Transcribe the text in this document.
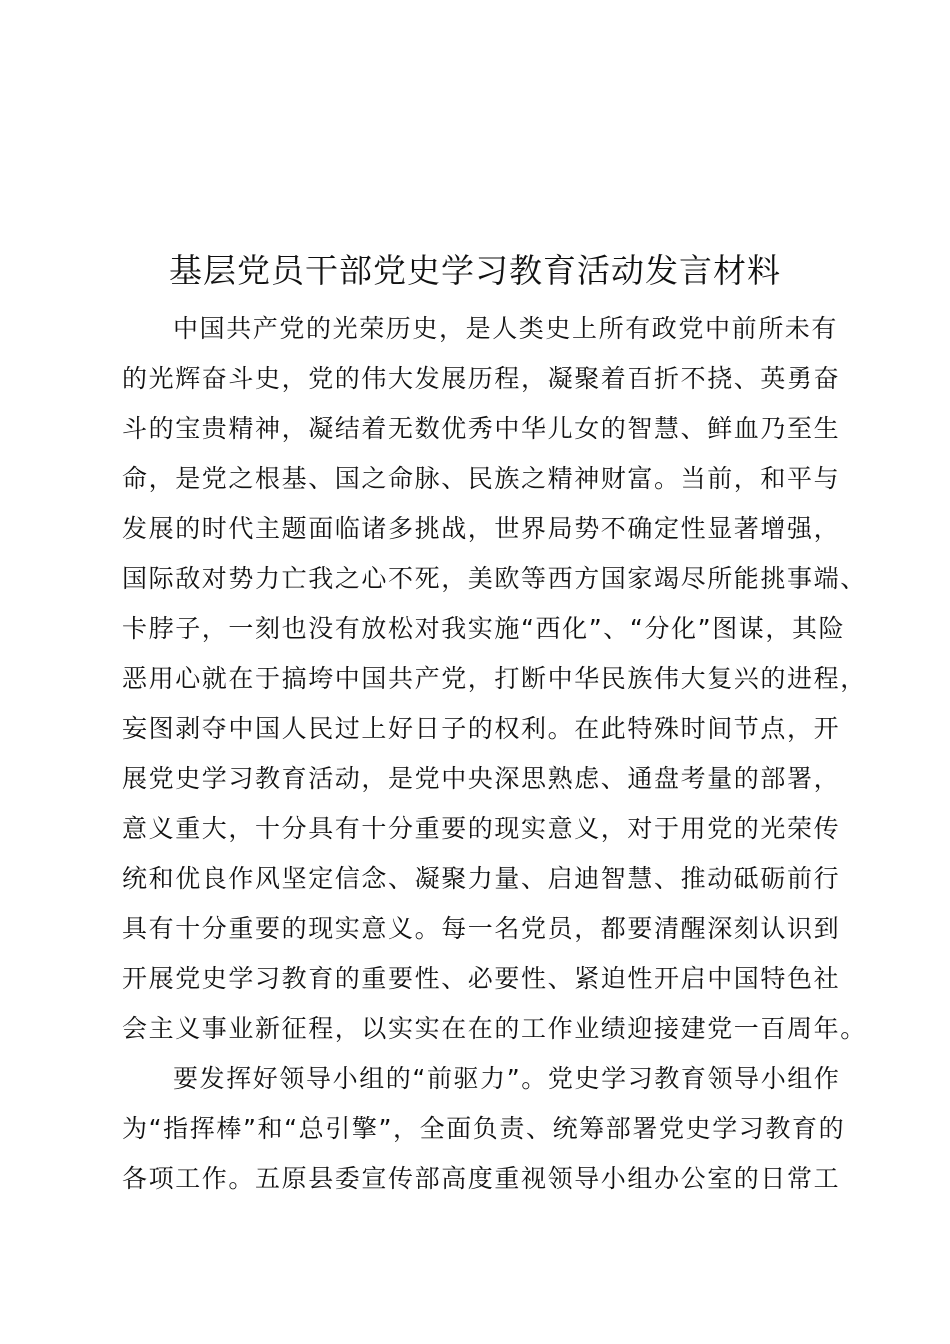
基层党员干部党史学习教育活动发言材料
中国共产党的光荣历史，是人类史上所有政党中前所未有
的光辉奋斗史，党的伟大发展历程，凝聚着百折不挠、英勇奋
斗的宝贵精神，凝结着无数优秀中华儿女的智慧、鲜血乃至生
命，是党之根基、国之命脉、民族之精神财富。当前，和平与
发展的时代主题面临诸多挑战，世界局势不确定性显著增强，
国际敌对势力亡我之心不死，美欧等西方国家竭尽所能挑事端、
卡脖子，一刻也没有放松对我实施“西化”、“分化”图谋，其险
恶用心就在于搞垮中国共产党，打断中华民族伟大复兴的进程，
妄图剥夺中国人民过上好日子的权利。在此特殊时间节点，开
展党史学习教育活动，是党中央深思熟虑、通盘考量的部署，
意义重大，十分具有十分重要的现实意义，对于用党的光荣传
统和优良作风坚定信念、凝聚力量、启迪智慧、推动砥砺前行
具有十分重要的现实意义。每一名党员，都要清醒深刻认识到
开展党史学习教育的重要性、必要性、紧迫性开启中国特色社
会主义事业新征程，以实实在在的工作业绩迎接建党一百周年。
要发挥好领导小组的“前驱力”。党史学习教育领导小组作
为“指挥棒”和“总引擎”，全面负责、统筹部署党史学习教育的
各项工作。五原县委宣传部高度重视领导小组办公室的日常工
